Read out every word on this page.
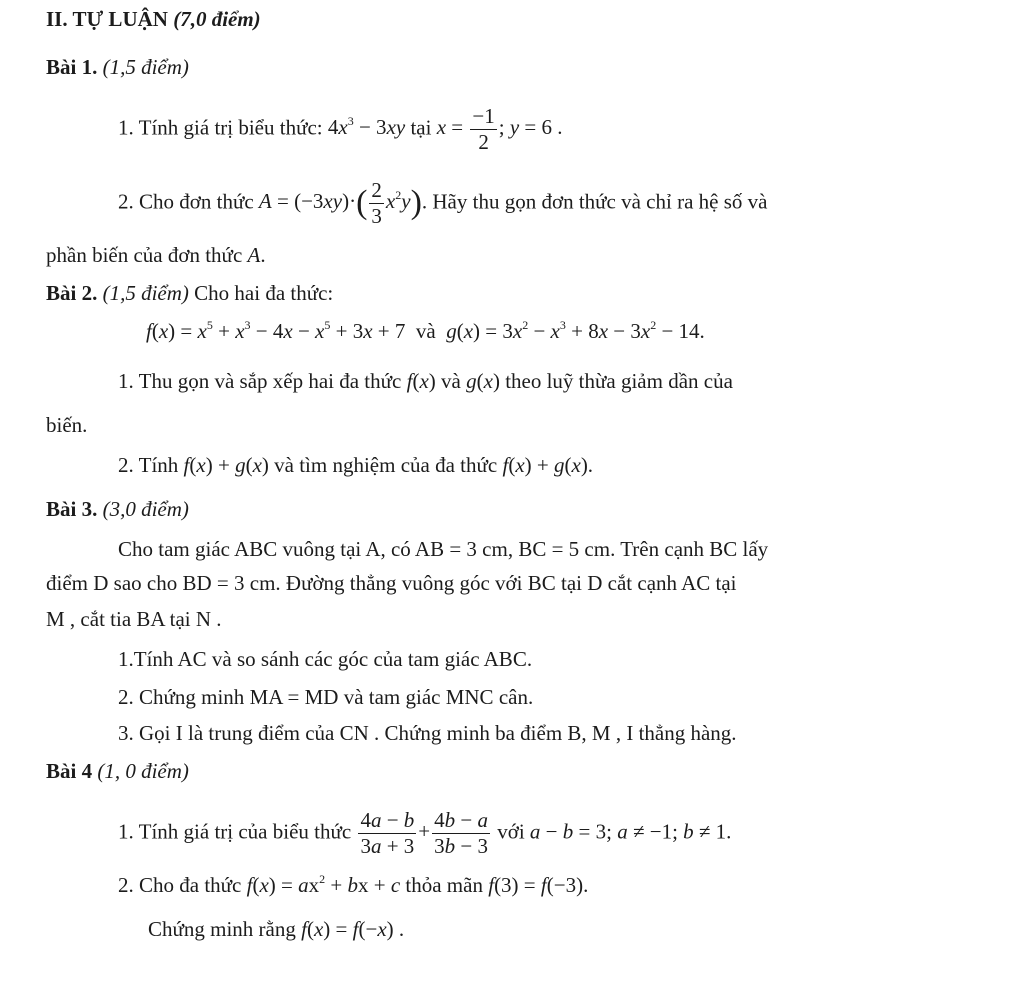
II. TỰ LUẬN (7,0 điểm)
Bài 1. (1,5 điểm)
1. Tính giá trị biểu thức: $4x^3 - 3xy$ tại $x = \frac{-1}{2}$ ; y = 6 .
2. Cho đơn thức $A = (-3xy)\cdot( \frac{2}{3} x^2y)$. Hãy thu gọn đơn thức và chỉ ra hệ số và
phần biến của đơn thức A.
Bài 2. (1,5 điểm) Cho hai đa thức:
$f(x) = x^5 + x^3 - 4x - x^5 + 3x + 7$ và $g(x) = 3x^2 - x^3 + 8x - 3x^2 - 14$.
1. Thu gọn và sắp xếp hai đa thức f(x) và g(x) theo luỹ thừa giảm dần của
biến.
2. Tính f(x) + g(x) và tìm nghiệm của đa thức f(x) + g(x).
Bài 3. (3,0 điểm)
Cho tam giác ABC vuông tại A, có AB = 3 cm, BC = 5 cm. Trên cạnh BC lấy
điểm D sao cho BD = 3 cm. Đường thẳng vuông góc với BC tại D cắt cạnh AC tại
M , cắt tia BA tại N .
1.Tính AC và so sánh các góc của tam giác ABC.
2. Chứng minh MA = MD và tam giác MNC cân.
3. Gọi I là trung điểm của CN . Chứng minh ba điểm B, M , I thẳng hàng.
Bài 4 (1, 0 điểm)
1. Tính giá trị của biểu thức $\frac{4a - b}{3a + 3} + \frac{4b - a}{3b - 3}$ với a − b = 3; a ≠ −1; b ≠ 1.
2. Cho đa thức $f(x) = ax^2$ + bx + c thỏa mãn f(3) = f(−3).
Chứng minh rằng f(x) = f(−x) .
